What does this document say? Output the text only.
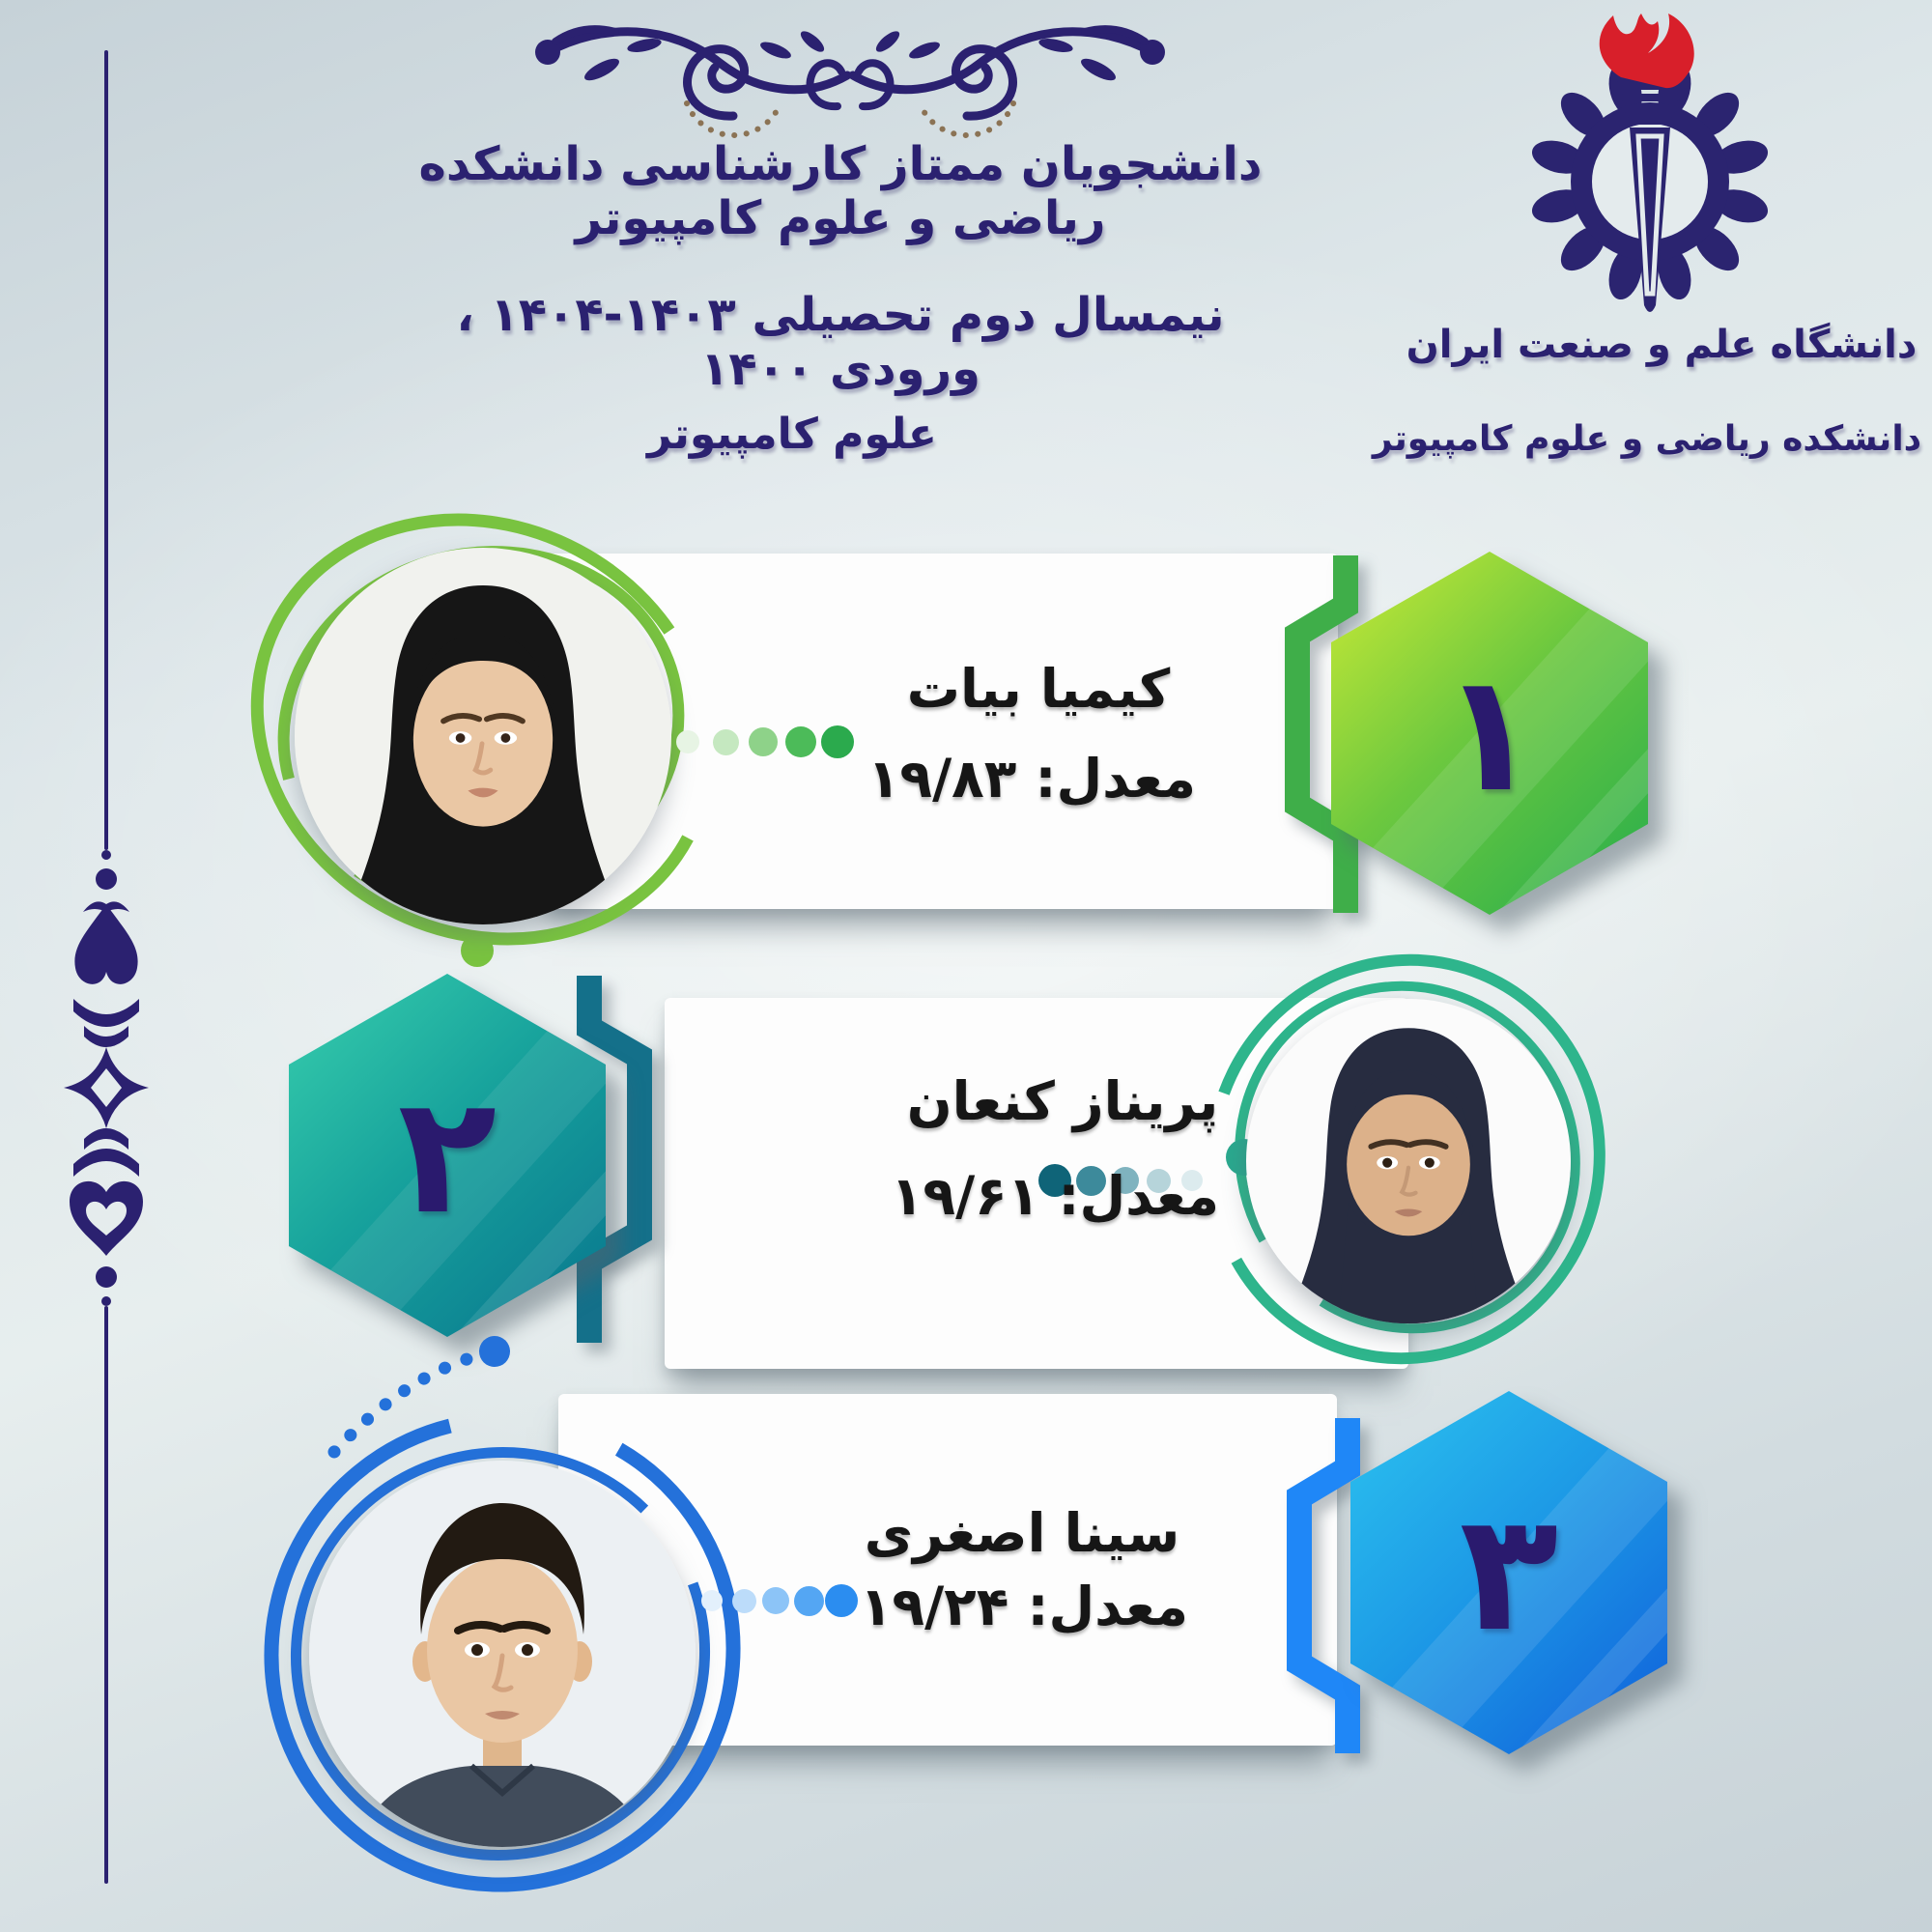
دانشجویان ممتاز کارشناسی دانشکده ریاضی و علوم کامپیوتر
نیمسال دوم تحصیلی ۱۴۰۳-۱۴۰۴ ، ورودی ۱۴۰۰
علوم کامپیوتر
دانشگاه علم و صنعت ایران
دانشکده ریاضی و علوم کامپیوتر
۱
کیمیا بیات
معدل: ۱۹/۸۳
۲	پریناز کنعان
معدل: ۱۹/۶۱
۳
سینا اصغری
معدل: ۱۹/۲۴
